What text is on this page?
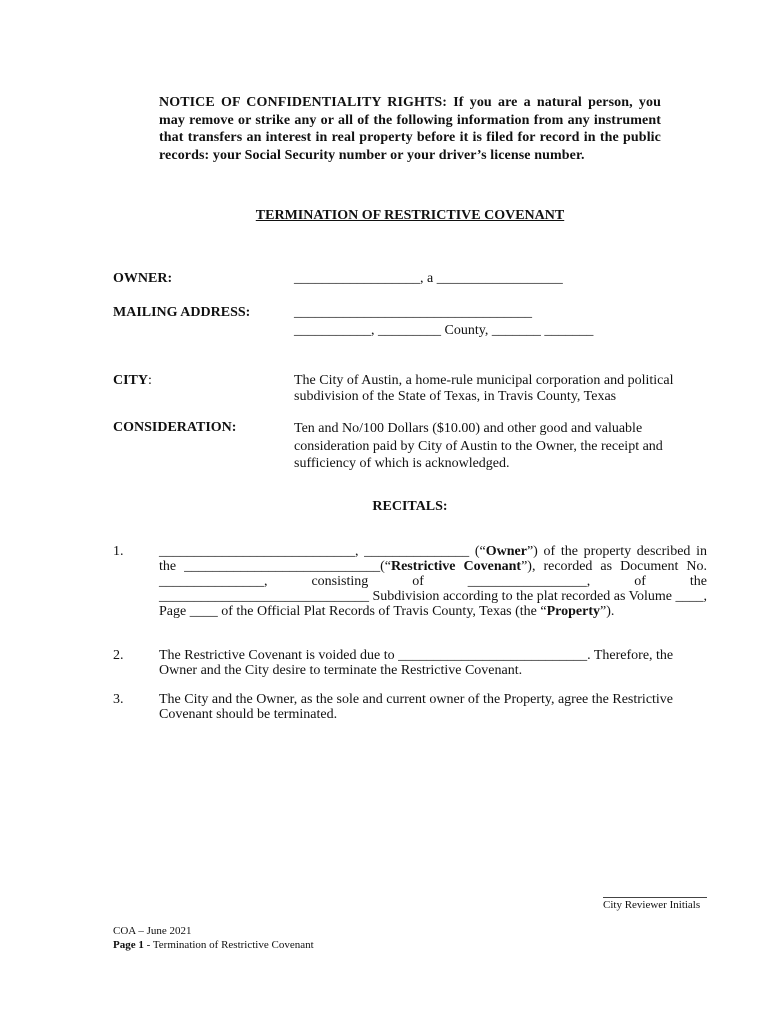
NOTICE OF CONFIDENTIALITY RIGHTS: If you are a natural person, you may remove or strike any or all of the following information from any instrument that transfers an interest in real property before it is filed for record in the public records: your Social Security number or your driver’s license number.
TERMINATION OF RESTRICTIVE COVENANT
OWNER:	__________________, a __________________
MAILING ADDRESS:	__________________________________
___________, _________ County, _______ _______
CITY:	The City of Austin, a home-rule municipal corporation and political subdivision of the State of Texas, in Travis County, Texas
CONSIDERATION:	Ten and No/100 Dollars ($10.00) and other good and valuable consideration paid by City of Austin to the Owner, the receipt and sufficiency of which is acknowledged.
RECITALS:
1.	____________________________, _______________ (“Owner”) of the property described in the ____________________________(“Restrictive Covenant”), recorded as Document No. _______________, consisting of _________________, of the ______________________________ Subdivision according to the plat recorded as Volume ____, Page ____ of the Official Plat Records of Travis County, Texas (the “Property”).
2.	The Restrictive Covenant is voided due to ___________________________. Therefore, the Owner and the City desire to terminate the Restrictive Covenant.
3.	The City and the Owner, as the sole and current owner of the Property, agree the Restrictive Covenant should be terminated.
City Reviewer Initials
COA – June 2021
Page 1 - Termination of Restrictive Covenant
